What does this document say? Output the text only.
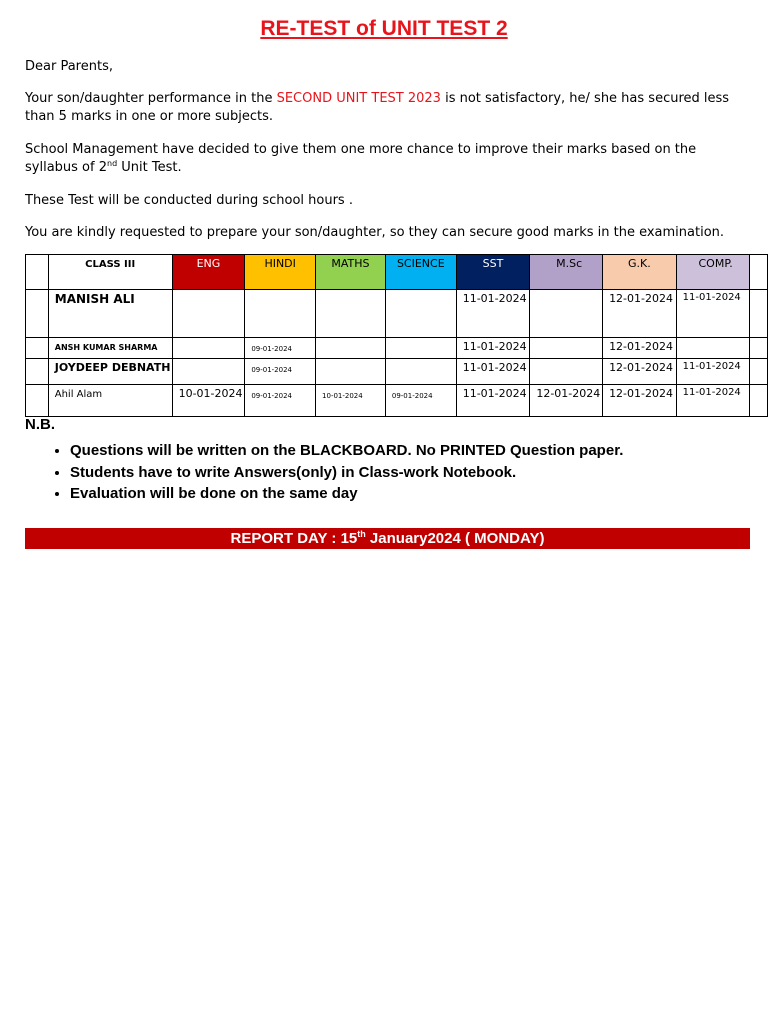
RE-TEST of UNIT TEST 2

Dear Parents,

Your son/daughter performance in the SECOND UNIT TEST 2023 is not satisfactory, he/ she has secured less than 5 marks in one or more subjects.

School Management have decided to give them one more chance to improve their marks based on the syllabus of 2nd Unit Test.

These Test will be conducted during school hours .

You are kindly requested to prepare your son/daughter, so they can secure good marks in the examination.

	CLASS III	ENG	HINDI	MATHS	SCIENCE	SST	M.Sc	G.K.	COMP.	
	MANISH ALI					11-01-2024		12-01-2024	11-01-2024	
	ANSH KUMAR SHARMA		09-01-2024			11-01-2024		12-01-2024		
	JOYDEEP DEBNATH		09-01-2024			11-01-2024		12-01-2024	11-01-2024	
	Ahil Alam	10-01-2024	09-01-2024	10-01-2024	09-01-2024	11-01-2024	12-01-2024	12-01-2024	11-01-2024	
N.B.
• Questions will be written on the BLACKBOARD. No PRINTED Question paper.
• Students have to write Answers(only) in Class-work Notebook.
• Evaluation will be done on the same day
REPORT DAY : 15th January2024 ( MONDAY)
